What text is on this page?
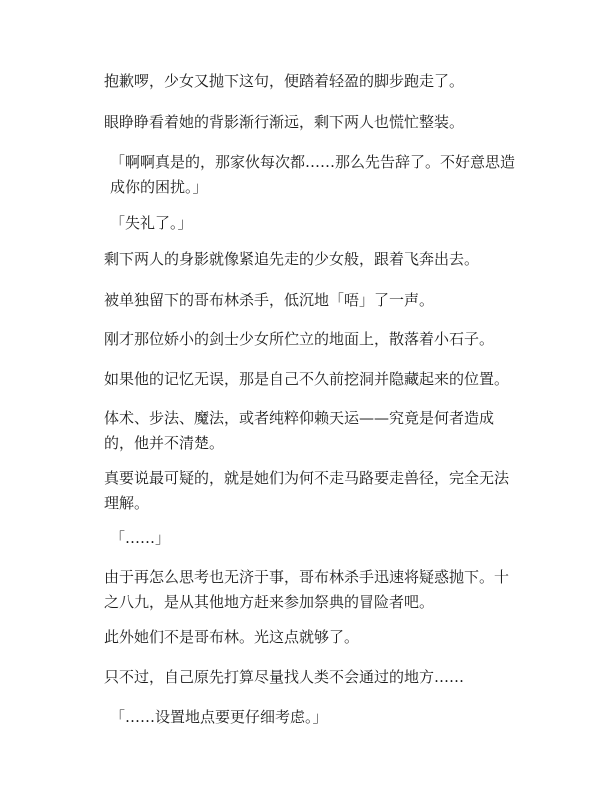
抱歉啰，少女又抛下这句，便踏着轻盈的脚步跑走了。

眼睁睁看着她的背影渐行渐远，剩下两人也慌忙整装。

「啊啊真是的，那家伙每次都……那么先告辞了。不好意思造成你的困扰。」

「失礼了。」

剩下两人的身影就像紧追先走的少女般，跟着飞奔出去。

被单独留下的哥布林杀手，低沉地「唔」了一声。

刚才那位娇小的剑士少女所伫立的地面上，散落着小石子。

如果他的记忆无误，那是自己不久前挖洞并隐藏起来的位置。

体术、步法、魔法，或者纯粹仰赖天运——究竟是何者造成的，他并不清楚。

真要说最可疑的，就是她们为何不走马路要走兽径，完全无法理解。

「……」

由于再怎么思考也无济于事，哥布林杀手迅速将疑惑抛下。十之八九，是从其他地方赶来参加祭典的冒险者吧。

此外她们不是哥布林。光这点就够了。

只不过，自己原先打算尽量找人类不会通过的地方……

「……设置地点要更仔细考虑。」
